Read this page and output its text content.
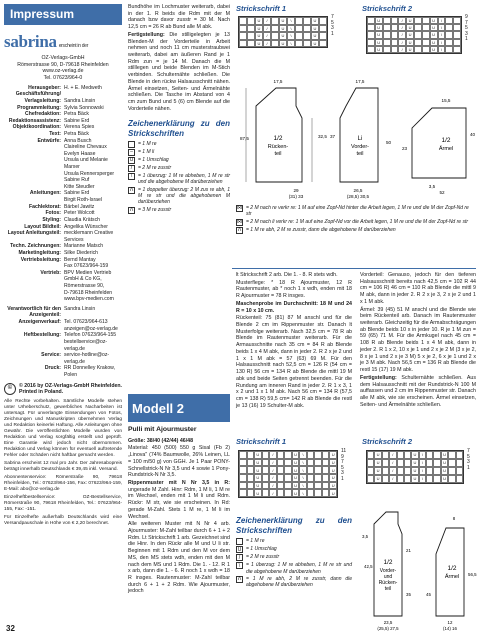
Impressum
sabrina erscheint in der
OZ-Verlags-GmbH
Römerstrasse 90, D-79618 Rheinfelden
www.oz-verlag.de
Tel. 07623/964-0
Herausgeber: H. + E. Medweth
Geschäftsführung/
Verlagsleitung: Sandra Linsin
Programmleitung: Sylvia Sonnowski
Chefredaktion: Petra Bäck
Redaktionsassistenz: Sabine Erd
Objektkoordination: Verena Spies
Text: Petra Bäck
Entwürfe: Anna Busch
Claireline Chevaux
Evelyn Haase
Ursula und Melanie Marxer
Ursula Rennersperger
Sabine Ruf
Kitte Steudler
Anleitungen: Sabine Erd
Birgit Roth-Israel
Fachlektorat: Bärbel Jawitz
Fotos: Peter Wolcott
Styling: Claudia Krätsch
Layout Bildteil: Angelika Wünscher
Layout Anleitungsteil: mecklemann Creative Services
Techn. Zeichnungen: Marianne Matsch
Marketingleitung: Silke Diederich
Vertriebsleitung: Bernd Mantay
Fax 07623/964-159
Vertrieb: BPV Medien Vertrieb
GmbH & Co KG,
Römerstrasse 90,
D-79618 Rheinfelden
www.bpv-medien.com
Verantwortlich für den Anzeigenteil:
Sandra Linsin
Anzeigenverkauf: Tel. 07623/964-613
anzeigen@oz-verlag.de
Heftbestellung: Telefon 07623/964-155
bestellservice@oz-verlag.de
Service: service-hotline@oz-verlag.de
Druck: RR Donnelley Krakow, Polen
©	© 2016 by OZ-Verlags-GmbH Rheinfelden. Printed in Poland.

Alle Rechte vorbehalten. Sämtliche Modelle stehen unter Urheberschutz, gewerbliches Nacharbeiten ist untersagt. Für unverlangte Einsendungen von Fotos, Zeichnungen und Manuskripten übernehmen Verlag und Redaktion keinerlei Haftung. Alle Anleitungen ohne Gewähr. Die veröffentlichten Modelle wurden von Redaktion und Verlag sorgfältig erstellt und geprüft. Eine Garantie wird jedoch nicht übernommen. Redaktion und Verlag können für eventuell auftretende Fehler oder Schäden nicht haftbar gemacht werden.

Sabrina erscheint 12 mal pro Jahr. Der Jahresabopreis beträgt innerhalb Deutschlands € 39,45 inkl. Versand.

Abonnentenservice: Römerstraße 90, 79618 Rheinfelden, Tel.: 07623/964-156, Fax: 07623/964-159, E-Mail: abo@oz-verlag.de

Einzelheftbestellservice: OZ-Bestellservice, Römerstraße 90, 79618 Rheinfelden, Tel.: 07623/964-155, Fax: -151.

Für Einzelhefte außerhalb Deutschlands wird eine Versandpauschale in Höhe von € 2,20 berechnet.

Bundhöhe im Lochmuster weiterarb, dabei in der 1. R beids die Rdm mit der M danach bzw davor zusstr = 30 M. Nach 12,5 cm = 26 R ab Bund alle M abk.

Fertigstellung: Die stilligelegten je 13 Blenden-M der Vorderteile in Arbeit nehmen und noch 11 cm musterstraubwei weiterarb, dabei am äußeren Rand je 1 Rdm zun = je 14 M. Danach die M stilllegen und beide Blenden im M-Stich verbinden. Schulternähte schließen. Die Blende in den rückw Halsausschnitt nähen. Ärmel einsetzen, Seiten- und Ärmelnähte schließen. Die Tasche im Abstand von 4 cm zum Bund und 5 (6) cm Blende auf die Vorderteile nähen.

Zeichenerklärung zu den Strickschriften
= 1 M re
–	= 1 M li
U = 1 Umschlag
/	= 2 M re zusstr
\	= 1 überzug: 1 M re abheben, 1 M re str und die abgehobene M darüberziehen
Λ = 1 doppelter überzug: 2 M zus re abh, 1 M re str und die abgehobenen M darüberziehen
Λ = 3 M re zusstr
Modell 2
Pulli mit Ajourmuster

Größe: 38/40 (42/44) 46/48

Material: 450 (500) 550 g Sisal (Fb 2) „Linova" (74% Baumwolle, 26% Leinen, LL = 100 m/50 g) von GGH. Je 1 Paar PONY-Schnellstrick-N Nr 3,5 und 4 sowie 1 Pony-Rundstrick-N Nr 3,5.

Rippenmuster mit N Nr 3,5 in R: ungerade M Zahl. Hinr: Rdm, 1 M li, 1 M re im Wechsel, enden mit 1 M li und Rdm. Rückr: M str, wie sie erscheinen. In Rd: gerade M-Zahl. Stets 1 M re, 1 M li im Wechsel.

Alle weiteren Muster mit N Nr 4 arb. Ajourmuster: M-Zahl teilbar durch 6 + 1 + 2 Rdm. Lt Strickschrift 1 arb. Gezeichnet sind die Hinr. In den Rückr alle M und U li str. Beginnen mit 1 Rdm und den M vor dem MS, den MS stets wdh, enden mit den M nach dem MS und 1 Rdm. Die 1. - 12. R 1 x arb, dann die 1. - 6. R noch 1 x wdh = 18 R insges. Rautenmuster: M-Zahl teilbar durch 6 + 1 + 2 Rdm. Wie Ajourmuster, jedoch

Strickschrift 1	Strickschrift 2
U	/	U	\	U
U	/	U	\	U
U	/	U	\	U
U	/	U	\	U
7
5
3
1
U	/	U	U	\
U	/	U	U	\
U	/	U	U	\
U	/	U	U	\
U	/	U	U	\
9
7
5
3
1
1/2
Rücken-
teil
87,5
17,5
32,5
29
(31) 33
Li
Vorder-
teil
17,5
37
50
26,5
(28,5) 30,5
1/2
Ärmel
15,5
23
40
3,5
52
⋈ = 2 M nach re verkr re: 1 M auf eine Zopf-Nd hinter die Arbeit legen, 1 M re und die M der Zopf-Nd re str
⋈ = 2 M nach li verkr re: 1 M auf eine Zopf-Nd vor die Arbeit legen, 1 M re und die M der Zopf-Nd re str
Λ = 1 M re abh, 2 M re zusstr, dann die abgehobene M darüberziehen

lt Strickschrift 2 arb. Die 1. - 8. R stets wdh.

Musterflege: * 18 R Ajourmuster, 12 R Rautenmuster, ab * noch 1 x wdh, enden mit 18 R Ajourmuster = 78 R insges.

Maschenprobe im Durchschnitt: 18 M und 24 R = 10 x 10 cm.

Rückenteil: 75 (81) 87 M anschl und für die Blende 2 cm im Rippenmuster str. Danach lt Musterfolge weiterarb. Nach 32,5 cm = 78 R ab Blende im Rautenmuster weiterarb. Für die Armausschnitte nach 35 cm = 84 R ab Blende beids 1 x 4 M abk, dann in jeder 2. R 2 x je 2 und 1 x 1 M abk = 57 (63) 69 M. Für den Halsausschnitt nach 52,5 cm = 126 R (54 cm = 130 R) 56 cm = 134 R ab Blende die mittl 19 M abk und beide Seiten getrennt beenden. Für die Rundung am inneren Rand in jeder 2. R 1 x 3, 1 x 2 und 1 x 1 M abk. Nach 56 cm = 134 R (57,5 cm = 138 R) 59,5 cm= 142 R ab Blende die restl je 13 (16) 19 Schulter-M abk.

Vorderteil: Genauso, jedoch für den tieferen Halsausschnitt bereits nach 42,5 cm = 102 R 44 cm = 106 R) 46 cm = 110 R ab Blende die mittl 9 M abk, dann in jeder 2. R 2 x je 3, 2 x je 2 und 1 x 1 M abk.

Ärmel: 39 (45) 51 M anschl und die Blende wie beim Rückenteil arb. Danach im Rautenmuster weiterarb. Gleichzeitig für die Armabschrägungen ab Blende beids 10 x in jeder 10. R je 1 M zun = 59 (65) 71 M. Für die Armkugel nach 45 cm = 108 R ab Blende beids 1 x 4 M abk, dann in jeder 2. R 1 x 2, 10 x je 1 und 2 x je 2 M (3 x je 2, 8 x je 1 und 2 x je 3 M) 5 x je 2, 6 x je 1 und 2 x je 3 M abk. Nach 56,5 cm = 136 R ab Blende die restl 15 (17) 19 M abk.

Fertigstellung: Schulternähte schließen. Aus dem Halsausschnitt mit der Rundstrick-N 100 M auffassen und 2 cm im Rippenmuster str. Danach alle M abk, wie sie erscheinen. Ärmel einsetzen, Seiten- und Ärmelnähte schließen.

Strickschrift 1	Strickschrift 2
U	/	U	\	U
U	/	U	\	U
U	/	U	\	U
U	/	U	\	U
U	/	U	\	U
U	/	U	\	U
11
9
7
5
3
1
U	/	U	\	U
U	/	U	\	U
U	/	U	\	U
U	/	U	\	U
7
5
3
1
Zeichenerklärung zu den Strickschriften
= 1 M re
U = 1 Umschlag
/	= 2 M re zusstr
\	= 1 überzug: 1 M re abheben, 1 M re str und die abgehobene M darüberziehen
Λ = 1 M re abh, 2 M re zusstr, dann die abgehobene M darüberziehen
1/2
Vorder-
und
Rücken-
teil
3,5
42,5
21
35
23,5
(25,5) 27,5
1/2
Ärmel
8
56,5
45
12
(14) 16
32
